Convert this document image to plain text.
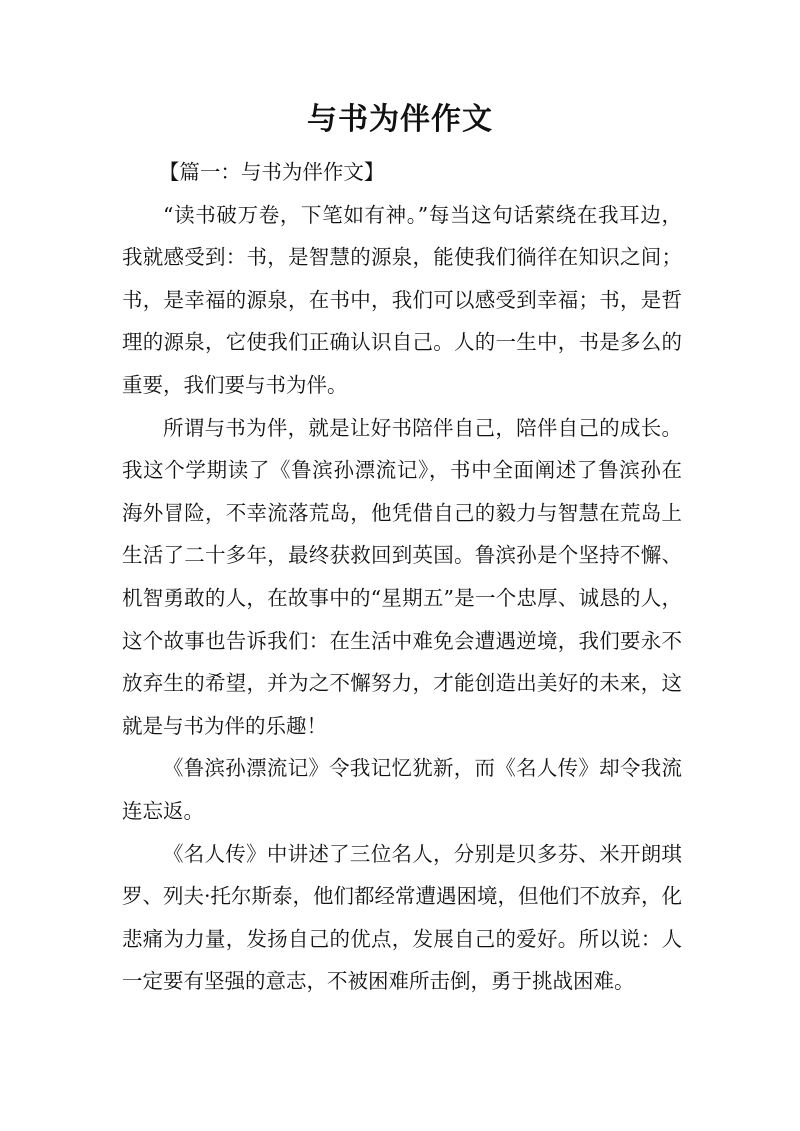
与书为伴作文

【篇一：与书为伴作文】

“读书破万卷，下笔如有神。”每当这句话萦绕在我耳边，我就感受到：书，是智慧的源泉，能使我们徜徉在知识之间；书，是幸福的源泉，在书中，我们可以感受到幸福；书，是哲理的源泉，它使我们正确认识自己。人的一生中，书是多么的重要，我们要与书为伴。

所谓与书为伴，就是让好书陪伴自己，陪伴自己的成长。我这个学期读了《鲁滨孙漂流记》，书中全面阐述了鲁滨孙在海外冒险，不幸流落荒岛，他凭借自己的毅力与智慧在荒岛上生活了二十多年，最终获救回到英国。鲁滨孙是个坚持不懈、机智勇敢的人，在故事中的“星期五”是一个忠厚、诚恳的人，这个故事也告诉我们：在生活中难免会遭遇逆境，我们要永不放弃生的希望，并为之不懈努力，才能创造出美好的未来，这就是与书为伴的乐趣！

《鲁滨孙漂流记》令我记忆犹新，而《名人传》却令我流连忘返。

《名人传》中讲述了三位名人，分别是贝多芬、米开朗琪罗、列夫·托尔斯泰，他们都经常遭遇困境，但他们不放弃，化悲痛为力量，发扬自己的优点，发展自己的爱好。所以说：人一定要有坚强的意志，不被困难所击倒，勇于挑战困难。
